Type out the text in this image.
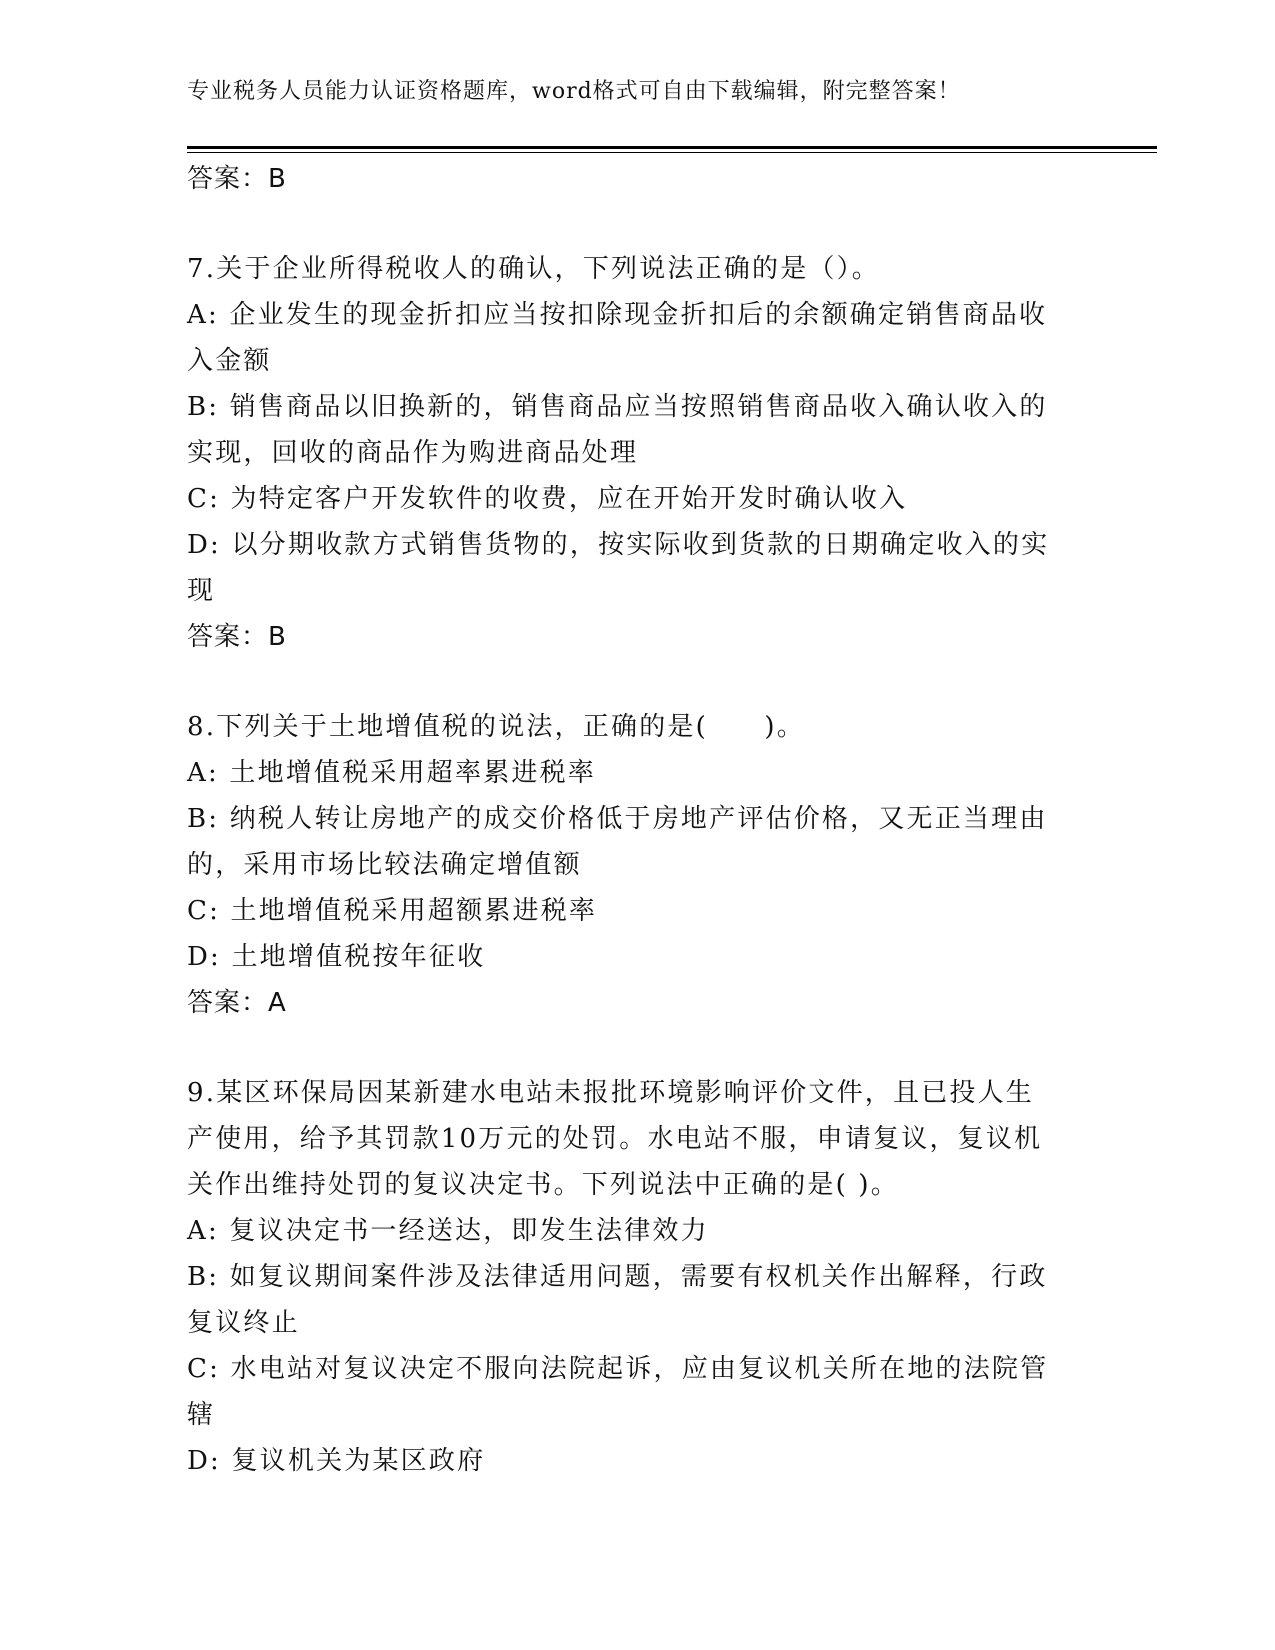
专业税务人员能力认证资格题库，word格式可自由下载编辑，附完整答案！
答案：B
7.关于企业所得税收人的确认，下列说法正确的是（）。
A: 企业发生的现金折扣应当按扣除现金折扣后的余额确定销售商品收
入金额
B: 销售商品以旧换新的，销售商品应当按照销售商品收入确认收入的
实现，回收的商品作为购进商品处理
C: 为特定客户开发软件的收费，应在开始开发时确认收入
D: 以分期收款方式销售货物的，按实际收到货款的日期确定收入的实
现
答案：B
8.下列关于土地增值税的说法，正确的是(　　)。
A: 土地增值税采用超率累进税率
B: 纳税人转让房地产的成交价格低于房地产评估价格，又无正当理由
的，采用市场比较法确定增值额
C: 土地增值税采用超额累进税率
D: 土地增值税按年征收
答案：A
9.某区环保局因某新建水电站未报批环境影响评价文件，且已投人生
产使用，给予其罚款10万元的处罚。水电站不服，申请复议，复议机
关作出维持处罚的复议决定书。下列说法中正确的是( )。
A: 复议决定书一经送达，即发生法律效力
B: 如复议期间案件涉及法律适用问题，需要有权机关作出解释，行政
复议终止
C: 水电站对复议决定不服向法院起诉，应由复议机关所在地的法院管
辖
D: 复议机关为某区政府
